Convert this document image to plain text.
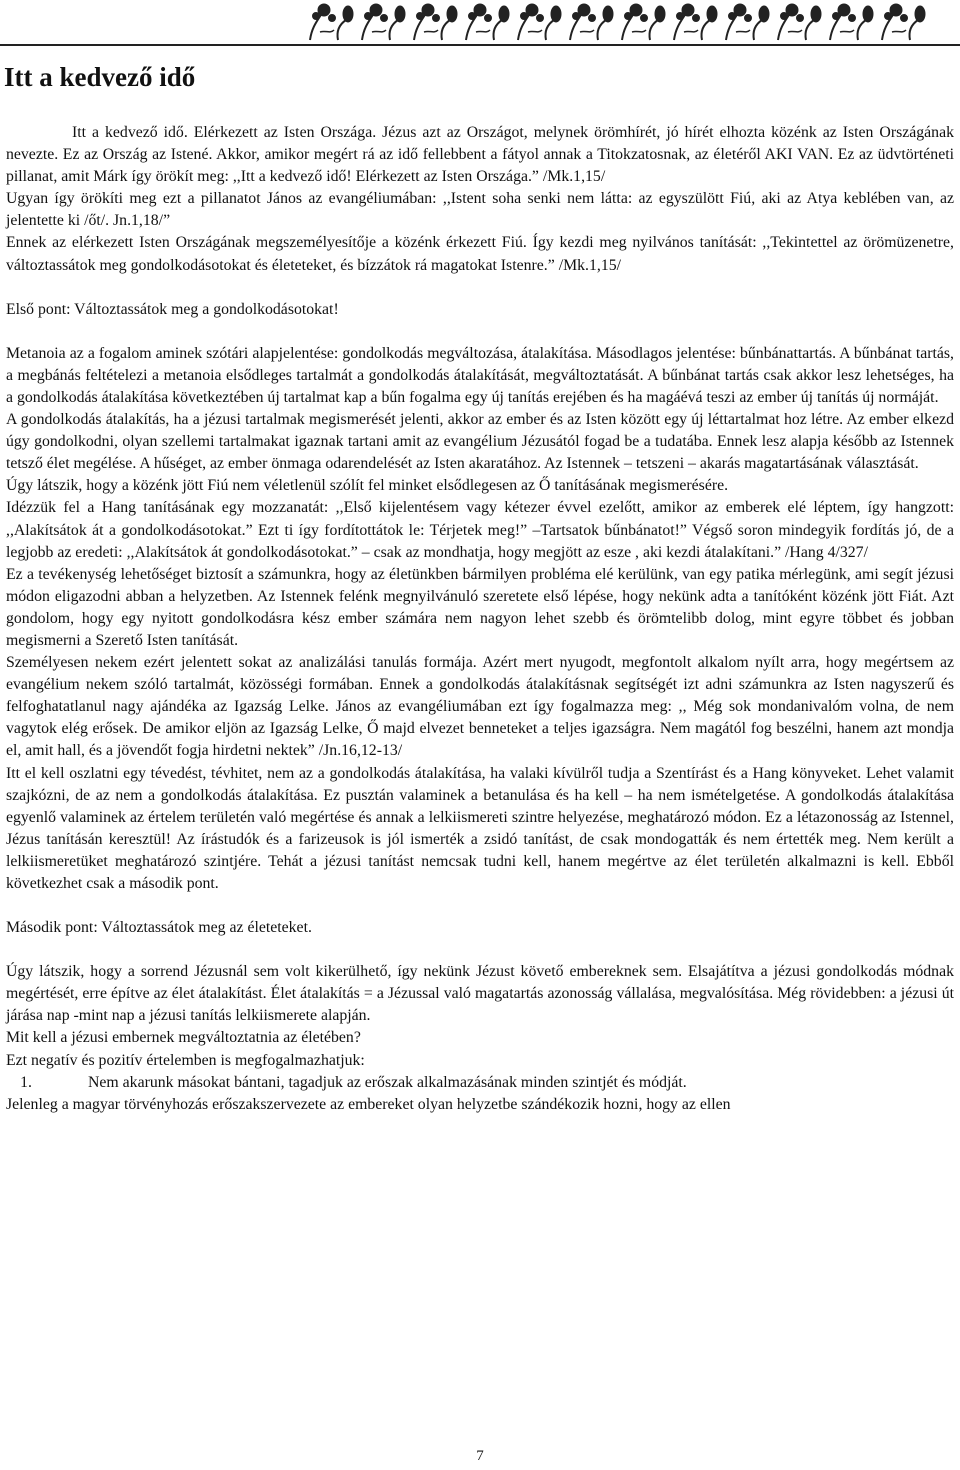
Itt a kedvező idő

Itt a kedvező idő. Elérkezett az Isten Országa. Jézus azt az Országot, melynek örömhírét, jó hírét elhozta közénk az Isten Országának nevezte. Ez az Ország az Istené. Akkor, amikor megért rá az idő fellebbent a fátyol annak a Titokzatosnak, az életéről AKI VAN. Ez az üdvtörténeti pillanat, amit Márk így örökít meg: ,,Itt a kedvező idő! Elérkezett az Isten Országa.” /Mk.1,15/

Ugyan így örökíti meg ezt a pillanatot János az evangéliumában: ,,Istent soha senki nem látta: az egyszülött Fiú, aki az Atya keblében van, az jelentette ki /őt/. Jn.1,18/”

Ennek az elérkezett Isten Országának megszemélyesítője a közénk érkezett Fiú. Így kezdi meg nyilvános tanítását: ,,Tekintettel az örömüzenetre, változtassátok meg gondolkodásotokat és életeteket, és bízzátok rá magatokat Istenre.” /Mk.1,15/

Első pont: Változtassátok meg a gondolkodásotokat!

Metanoia az a fogalom aminek szótári alapjelentése: gondolkodás megváltozása, átalakítása. Másodlagos jelentése: bűnbánattartás. A bűnbánat tartás, a megbánás feltételezi a metanoia elsődleges tartalmát a gondolkodás átalakítását, megváltoztatását. A bűnbánat tartás csak akkor lesz lehetséges, ha a gondolkodás átalakítása következtében új tartalmat kap a bűn fogalma egy új tanítás erejében és ha magáévá teszi az ember új tanítás új normáját.

A gondolkodás átalakítás, ha a jézusi tartalmak megismerését jelenti, akkor az ember és az Isten között egy új léttartalmat hoz létre. Az ember elkezd úgy gondolkodni, olyan szellemi tartalmakat igaznak tartani amit az evangélium Jézusától fogad be a tudatába. Ennek lesz alapja később az Istennek tetsző élet megélése. A hűséget, az ember önmaga odarendelését az Isten akaratához. Az Istennek – tetszeni – akarás magatartásának választását.

Úgy látszik, hogy a közénk jött Fiú nem véletlenül szólít fel minket elsődlegesen az Ő tanításának megismerésére.

Idézzük fel a Hang tanításának egy mozzanatát: ,,Első kijelentésem vagy kétezer évvel ezelőtt, amikor az emberek elé léptem, így hangzott: ,,Alakítsátok át a gondolkodásotokat.” Ezt ti így fordítottátok le: Térjetek meg!” –Tartsatok bűnbánatot!” Végső soron mindegyik fordítás jó, de a legjobb az eredeti: ,,Alakítsátok át gondolkodásotokat.” – csak az mondhatja, hogy megjött az esze , aki kezdi átalakítani.” /Hang 4/327/

Ez a tevékenység lehetőséget biztosít a számunkra, hogy az életünkben bármilyen probléma elé kerülünk, van egy patika mérlegünk, ami segít jézusi módon eligazodni abban a helyzetben. Az Istennek felénk megnyilvánuló szeretete első lépése, hogy nekünk adta a tanítóként közénk jött Fiát. Azt gondolom, hogy egy nyitott gondolkodásra kész ember számára nem nagyon lehet szebb és örömtelibb dolog, mint egyre többet és jobban megismerni a Szerető Isten tanítását.

Személyesen nekem ezért jelentett sokat az analizálási tanulás formája. Azért mert nyugodt, megfontolt alkalom nyílt arra, hogy megértsem az evangélium nekem szóló tartalmát, közösségi formában. Ennek a gondolkodás átalakításnak segítségét izt adni számunkra az Isten nagyszerű és felfoghatatlanul nagy ajándéka az Igazság Lelke. János az evangéliumában ezt így fogalmazza meg: ,, Még sok mondanivalóm volna, de nem vagytok elég erősek. De amikor eljön az Igazság Lelke, Ő majd elvezet benneteket a teljes igazságra. Nem magától fog beszélni, hanem azt mondja el, amit hall, és a jövendőt fogja hirdetni nektek” /Jn.16,12-13/

Itt el kell oszlatni egy tévedést, tévhitet, nem az a gondolkodás átalakítása, ha valaki kívülről tudja a Szentírást és a Hang könyveket. Lehet valamit szajkózni, de az nem a gondolkodás átalakítása. Ez pusztán valaminek a betanulása és ha kell – ha nem ismételgetése. A gondolkodás átalakítása egyenlő valaminek az értelem területén való megértése és annak a lelkiismereti szintre helyezése, meghatározó módon. Ez a létazonosság az Istennel, Jézus tanításán keresztül! Az írástudók és a farizeusok is jól ismerték a zsidó tanítást, de csak mondogatták és nem értették meg. Nem került a lelkiismeretüket meghatározó szintjére. Tehát a jézusi tanítást nemcsak tudni kell, hanem megértve az élet területén alkalmazni is kell. Ebből következhet csak a második pont.

Második pont: Változtassátok meg az életeteket.

Úgy látszik, hogy a sorrend Jézusnál sem volt kikerülhető, így nekünk Jézust követő embereknek sem. Elsajátítva a jézusi gondolkodás módnak megértését, erre építve az élet átalakítást. Élet átalakítás = a Jézussal való magatartás azonosság vállalása, megvalósítása. Még rövidebben: a jézusi út járása nap -mint nap a jézusi tanítás lelkiismerete alapján.

Mit kell a jézusi embernek megváltoztatnia az életében?

Ezt negatív és pozitív értelemben is megfogalmazhatjuk:

1.	Nem akarunk másokat bántani, tagadjuk az erőszak alkalmazásának minden szintjét és módját.

Jelenleg a magyar törvényhozás erőszakszervezete az embereket olyan helyzetbe szándékozik hozni, hogy az ellen

7
